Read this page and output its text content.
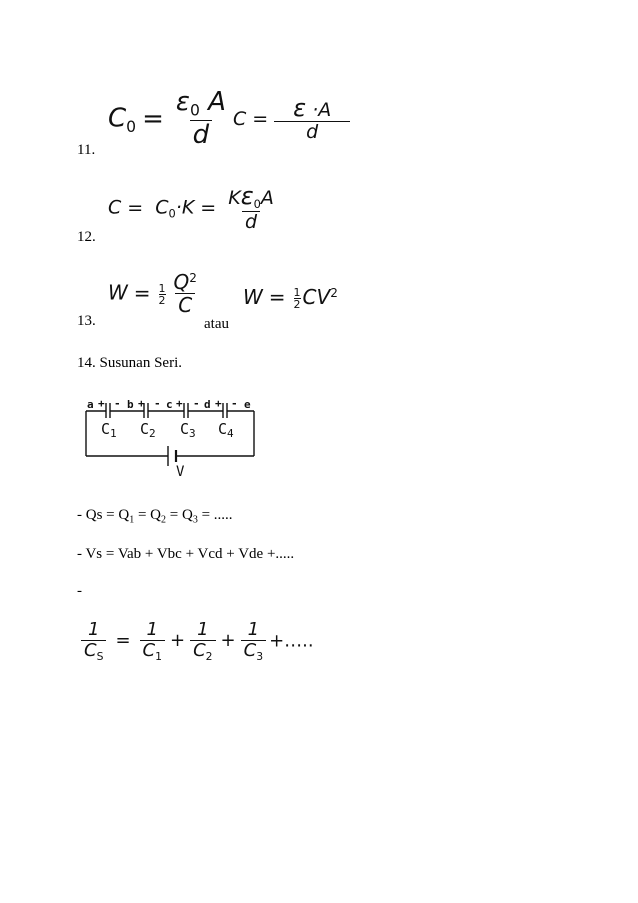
11.
$C_0 = \frac{\varepsilon_0 A}{d}$ $C = \frac{\varepsilon \cdot A}{d}$
12.
$C = C_0\cdot K = \frac{K\varepsilon_0A}{d}$
13.
$W = \frac{1}{2} \frac{Q^2}{C}$
atau
$W = \frac{1}{2} CV^2$
14. Susunan Seri.
a + - b + - c + - d + - e
$C_1$ $C_2$ $C_3$ $C_4$
V
- $Qs = Q_1 = Q_2 = Q_3$ = .....
- Vs = Vab + Vbc + Vcd + Vde +.....
-
$\frac{1}{C_S} = \frac{1}{C_1} + \frac{1}{C_2} + \frac{1}{C_3}$ +…..
